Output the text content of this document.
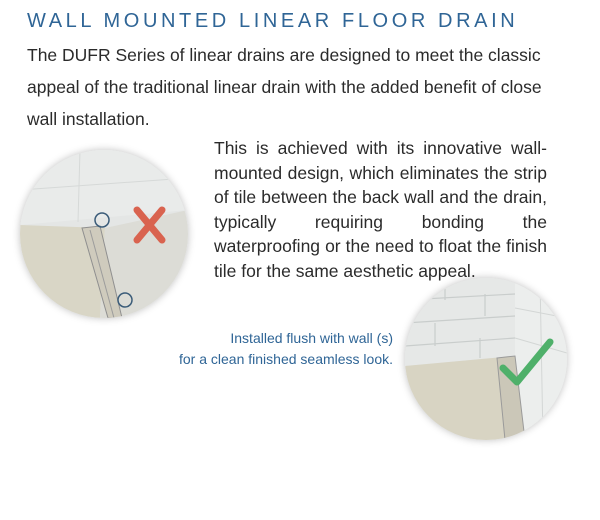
WALL MOUNTED LINEAR FLOOR DRAIN
The DUFR Series of linear drains are designed to meet the classic appeal of the traditional linear drain with the added benefit of close wall installation.
This is achieved with its innovative wall-mounted design, which eliminates the strip of tile between the back wall and the drain, typically requiring bonding the waterproofing or the need to float the finish tile for the same aesthetic appeal.
Installed flush with wall (s)
for a clean finished seamless look.
